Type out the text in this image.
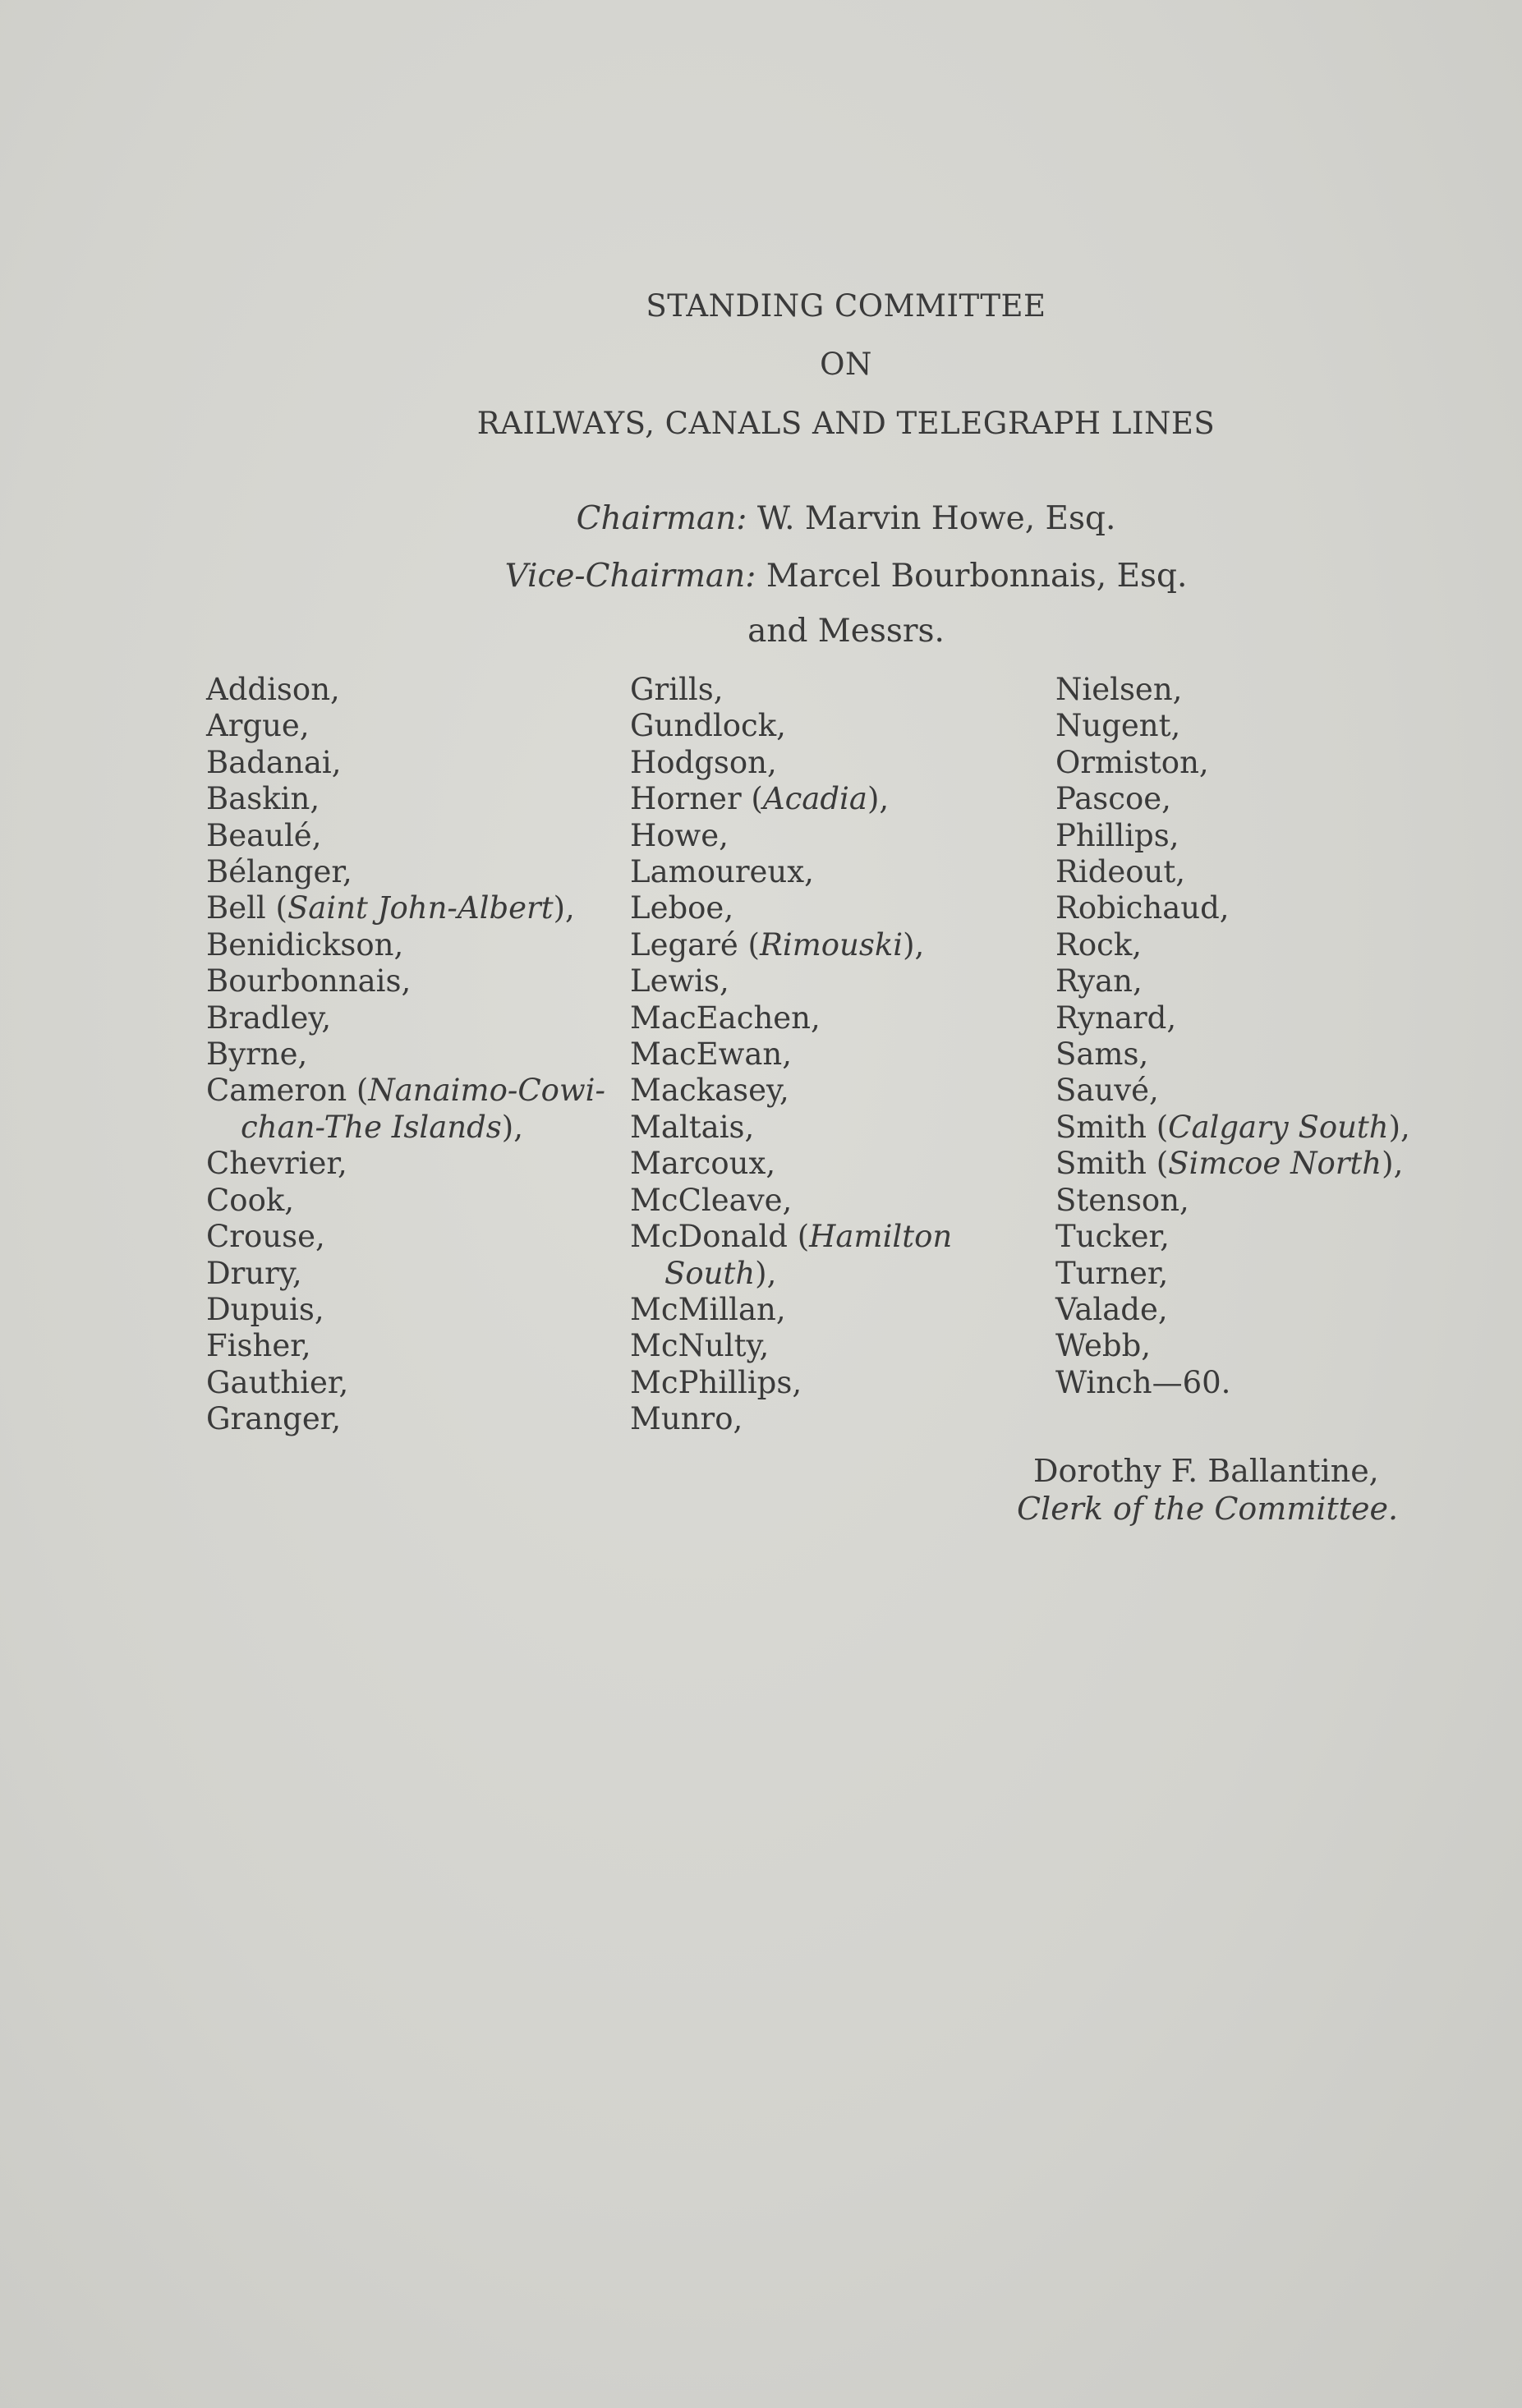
STANDING COMMITTEE
ON
RAILWAYS, CANALS AND TELEGRAPH LINES
Chairman: W. Marvin Howe, Esq.
Vice-Chairman: Marcel Bourbonnais, Esq.
and Messrs.
Addison,
Argue,
Badanai,
Baskin,
Beaulé,
Bélanger,
Bell (Saint John-Albert),
Benidickson,
Bourbonnais,
Bradley,
Byrne,
Cameron (Nanaimo-Cowi-
chan-The Islands),
Chevrier,
Cook,
Crouse,
Drury,
Dupuis,
Fisher,
Gauthier,
Granger,
Grills,
Gundlock,
Hodgson,
Horner (Acadia),
Howe,
Lamoureux,
Leboe,
Legaré (Rimouski),
Lewis,
MacEachen,
MacEwan,
Mackasey,
Maltais,
Marcoux,
McCleave,
McDonald (Hamilton
South),
McMillan,
McNulty,
McPhillips,
Munro,
Nielsen,
Nugent,
Ormiston,
Pascoe,
Phillips,
Rideout,
Robichaud,
Rock,
Ryan,
Rynard,
Sams,
Sauvé,
Smith (Calgary South),
Smith (Simcoe North),
Stenson,
Tucker,
Turner,
Valade,
Webb,
Winch—60.
Dorothy F. Ballantine,
Clerk of the Committee.
